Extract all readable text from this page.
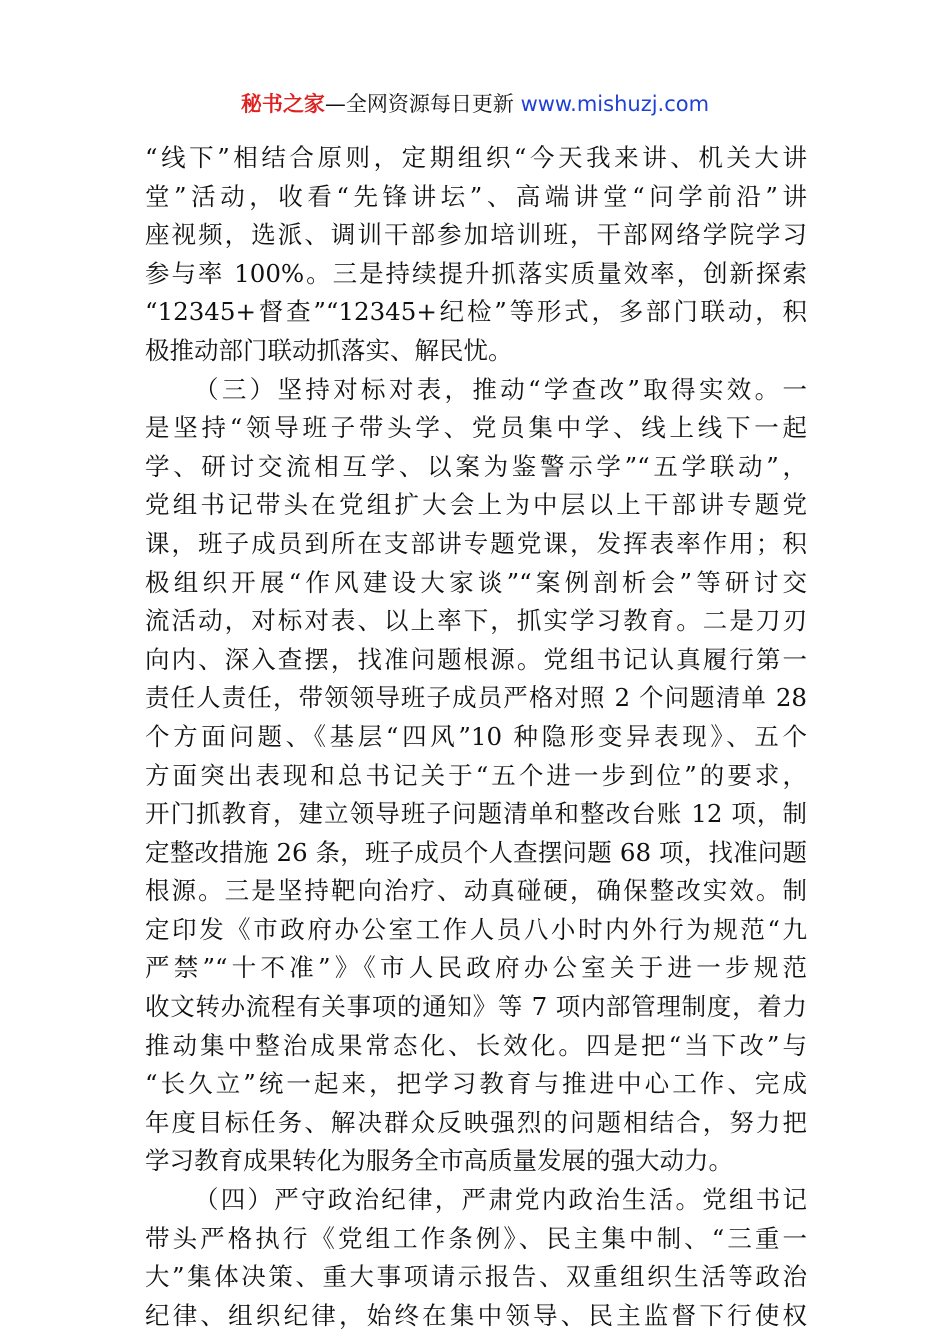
秘书之家—全网资源每日更新 www.mishuzj.com
“线下”相结合原则，定期组织“今天我来讲、机关大讲
堂”活动，收看“先锋讲坛”、高端讲堂“问学前沿”讲
座视频，选派、调训干部参加培训班，干部网络学院学习
参与率 100%。三是持续提升抓落实质量效率，创新探索
“12345+督查”“12345+纪检”等形式，多部门联动，积
极推动部门联动抓落实、解民忧。
（三）坚持对标对表，推动“学查改”取得实效。一
是坚持“领导班子带头学、党员集中学、线上线下一起
学、研讨交流相互学、以案为鉴警示学”“五学联动”，
党组书记带头在党组扩大会上为中层以上干部讲专题党
课，班子成员到所在支部讲专题党课，发挥表率作用；积
极组织开展“作风建设大家谈”“案例剖析会”等研讨交
流活动，对标对表、以上率下，抓实学习教育。二是刀刃
向内、深入查摆，找准问题根源。党组书记认真履行第一
责任人责任，带领领导班子成员严格对照 2 个问题清单 28
个方面问题、《基层“四风”10 种隐形变异表现》、五个
方面突出表现和总书记关于“五个进一步到位”的要求，
开门抓教育，建立领导班子问题清单和整改台账 12 项，制
定整改措施 26 条，班子成员个人查摆问题 68 项，找准问题
根源。三是坚持靶向治疗、动真碰硬，确保整改实效。制
定印发《市政府办公室工作人员八小时内外行为规范“九
严禁”“十不准”》《市人民政府办公室关于进一步规范
收文转办流程有关事项的通知》等 7 项内部管理制度，着力
推动集中整治成果常态化、长效化。四是把“当下改”与
“长久立”统一起来，把学习教育与推进中心工作、完成
年度目标任务、解决群众反映强烈的问题相结合，努力把
学习教育成果转化为服务全市高质量发展的强大动力。
（四）严守政治纪律，严肃党内政治生活。党组书记
带头严格执行《党组工作条例》、民主集中制、“三重一
大”集体决策、重大事项请示报告、双重组织生活等政治
纪律、组织纪律，始终在集中领导、民主监督下行使权
